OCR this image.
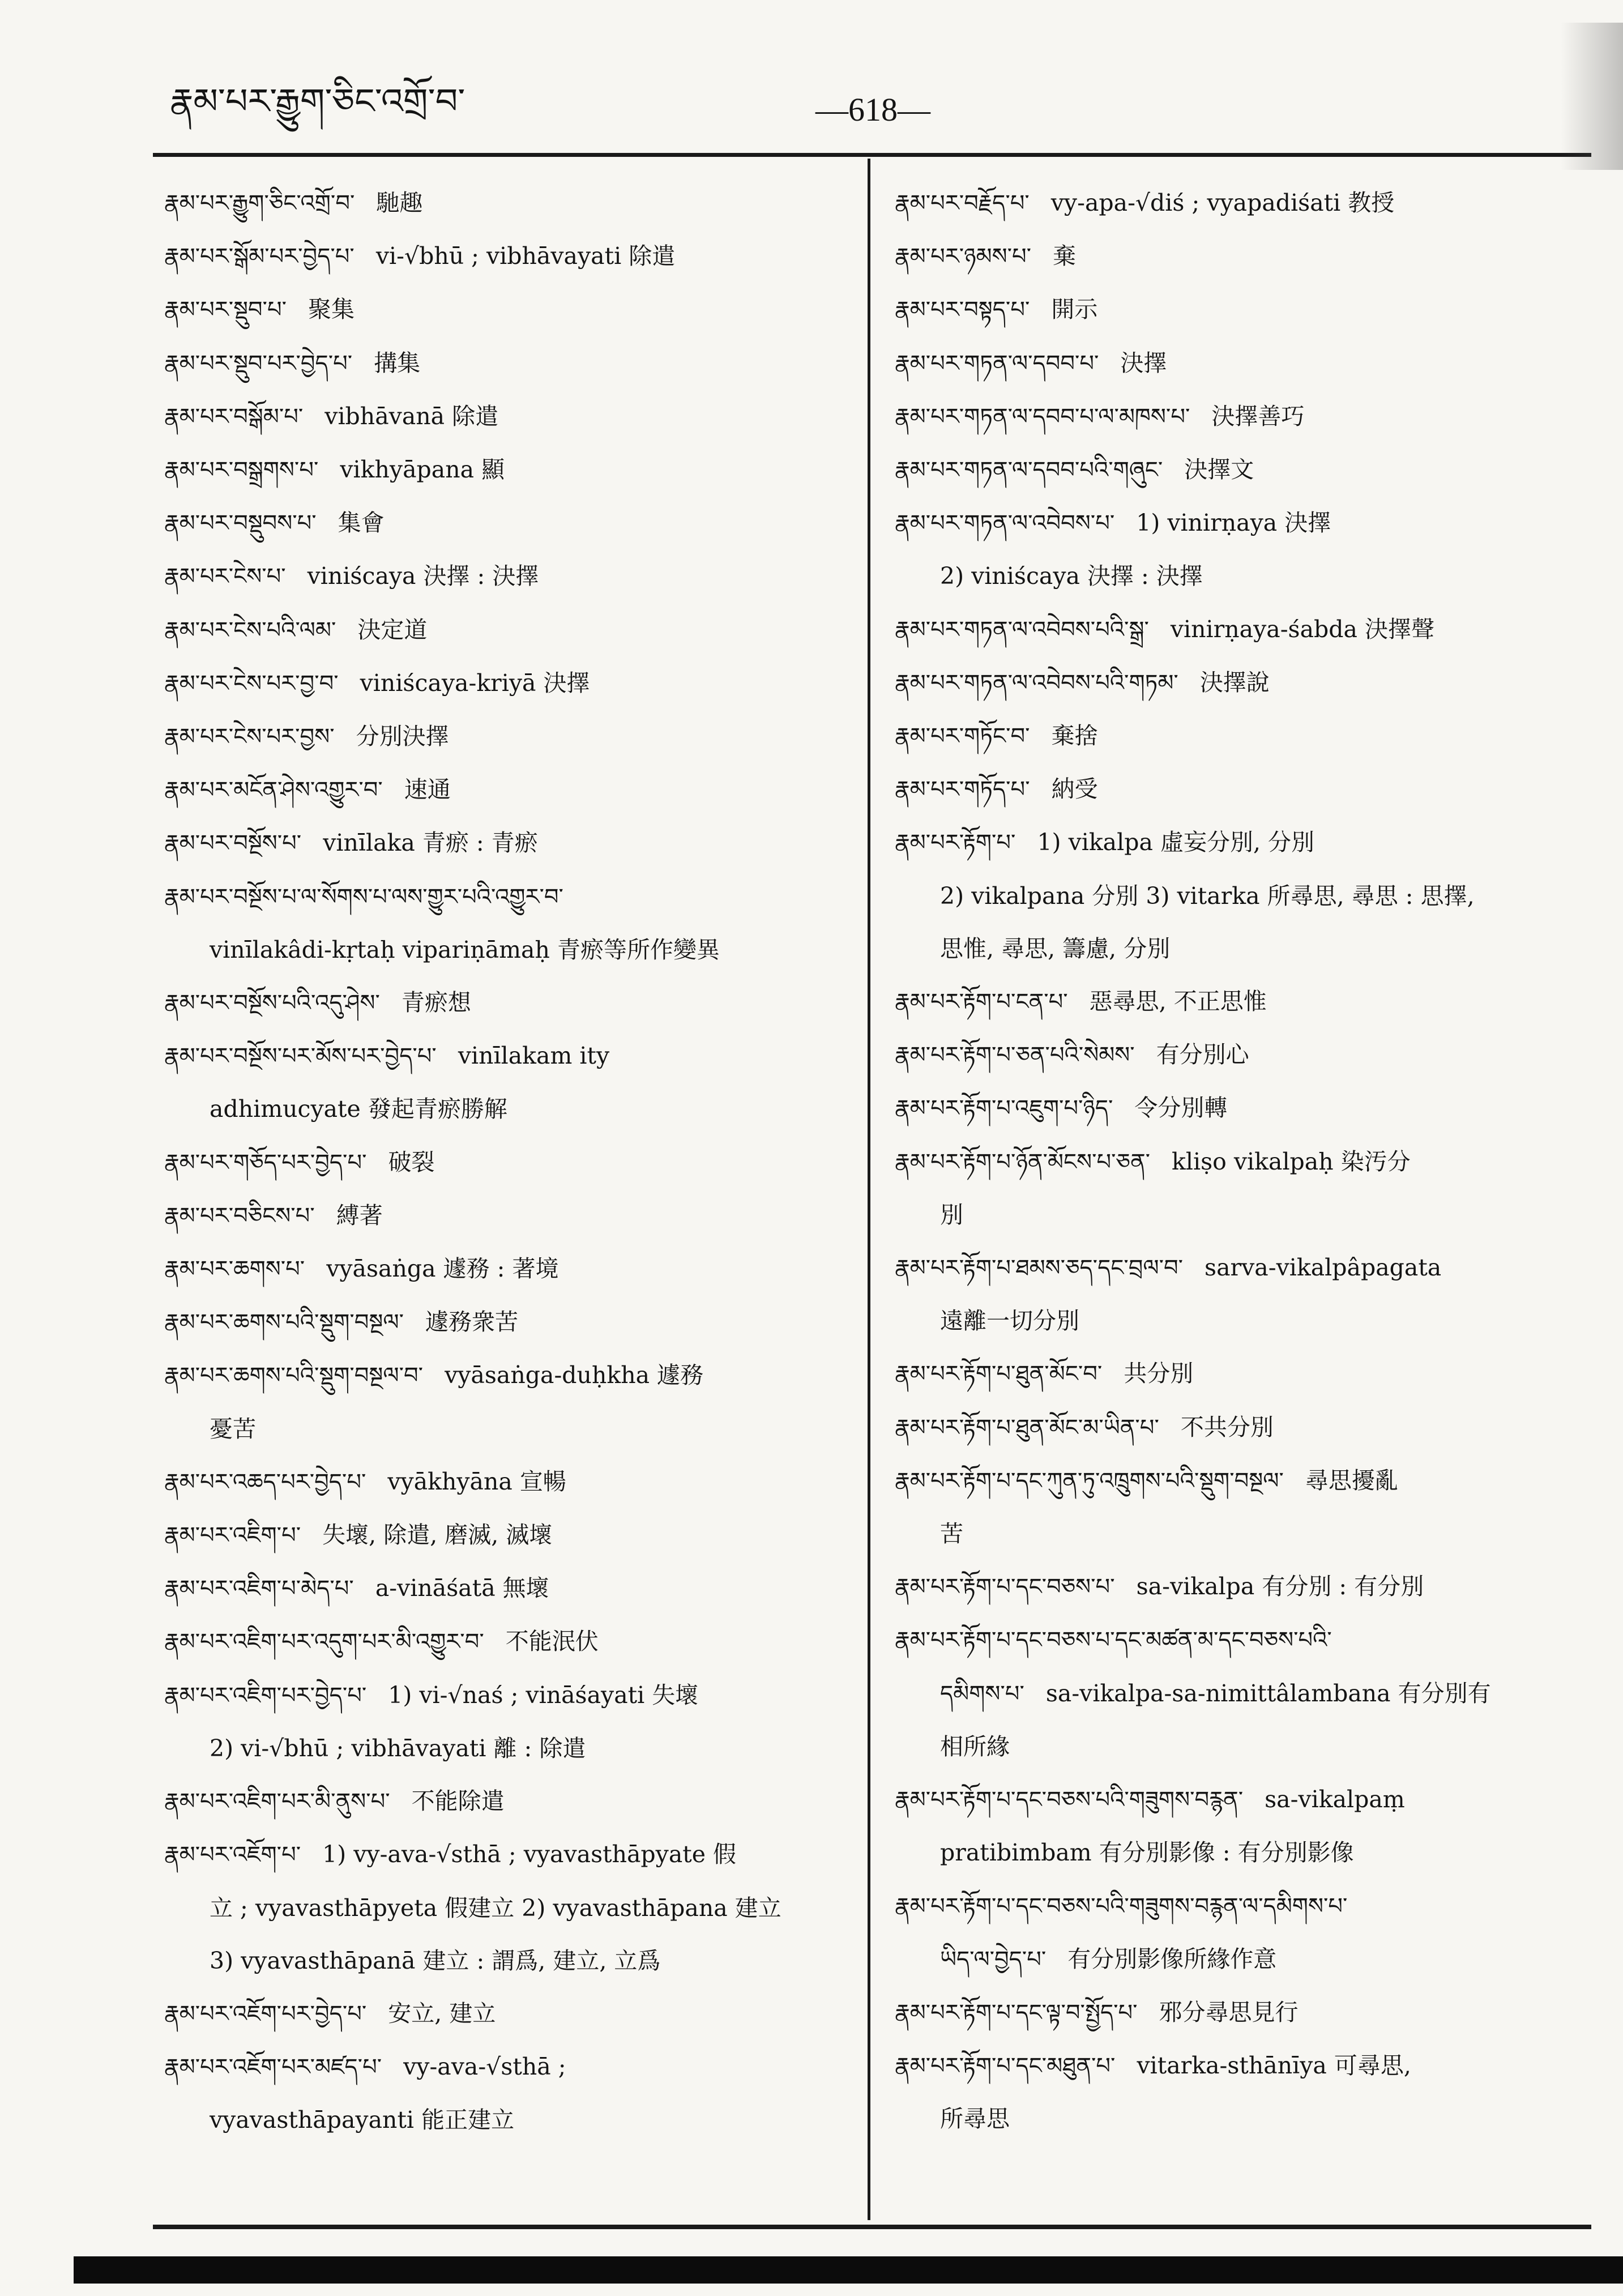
རྣམ་པར་རྒྱུག་ཅིང་འགྲོ་བ་	—618—
རྣམ་པར་རྒྱུག་ཅིང་འགྲོ་བ་ 馳趣
རྣམ་པར་སྒོམ་པར་བྱེད་པ་ vi-√bhū ; vibhāvayati 除遣
རྣམ་པར་སྡུབ་པ་ 聚集
རྣམ་པར་སྡུབ་པར་བྱེད་པ་ 搆集
རྣམ་པར་བསྒོམ་པ་ vibhāvanā 除遣
རྣམ་པར་བསྒྲགས་པ་ vikhyāpana 顯
རྣམ་པར་བསྡུབས་པ་ 集會
རྣམ་པར་ངེས་པ་ viniścaya 決擇 : 決擇
རྣམ་པར་ངེས་པའི་ལམ་ 決定道
རྣམ་པར་ངེས་པར་བྱ་བ་ viniścaya-kriyā 決擇
རྣམ་པར་ངེས་པར་བྱས་ 分別決擇
རྣམ་པར་མངོན་ཤེས་འགྱུར་བ་ 速通
རྣམ་པར་བསྔོས་པ་ vinīlaka 青瘀 : 青瘀
རྣམ་པར་བསྔོས་པ་ལ་སོགས་པ་ལས་གྱུར་པའི་འགྱུར་བ་
vinīlakâdi-kṛtaḥ vipariṇāmaḥ 青瘀等所作變異
རྣམ་པར་བསྔོས་པའི་འདུ་ཤེས་ 青瘀想
རྣམ་པར་བསྔོས་པར་མོས་པར་བྱེད་པ་ vinīlakam ity
adhimucyate 發起青瘀勝解
རྣམ་པར་གཅོད་པར་བྱེད་པ་ 破裂
རྣམ་པར་བཅིངས་པ་ 縛著
རྣམ་པར་ཆགས་པ་ vyāsaṅga 遽務 : 著境
རྣམ་པར་ཆགས་པའི་སྡུག་བསྔལ་ 遽務衆苦
རྣམ་པར་ཆགས་པའི་སྡུག་བསྔལ་བ་ vyāsaṅga-duḥkha 遽務
憂苦
རྣམ་པར་འཆད་པར་བྱེད་པ་ vyākhyāna 宣暢
རྣམ་པར་འཇིག་པ་ 失壞, 除遣, 磨滅, 滅壞
རྣམ་པར་འཇིག་པ་མེད་པ་ a-vināśatā 無壞
རྣམ་པར་འཇིག་པར་འདུག་པར་མི་འགྱུར་བ་ 不能泯伏
རྣམ་པར་འཇིག་པར་བྱེད་པ་ 1) vi-√naś ; vināśayati 失壞
2) vi-√bhū ; vibhāvayati 離 : 除遣
རྣམ་པར་འཇིག་པར་མི་ནུས་པ་ 不能除遣
རྣམ་པར་འཇོག་པ་ 1) vy-ava-√sthā ; vyavasthāpyate 假
立 ; vyavasthāpyeta 假建立 2) vyavasthāpana 建立
3) vyavasthāpanā 建立 : 謂爲, 建立, 立爲
རྣམ་པར་འཇོག་པར་བྱེད་པ་ 安立, 建立
རྣམ་པར་འཇོག་པར་མཛད་པ་ vy-ava-√sthā ;
vyavasthāpayanti 能正建立
རྣམ་པར་བརྗོད་པ་ vy-apa-√diś ; vyapadiśati 教授
རྣམ་པར་ཉམས་པ་ 棄
རྣམ་པར་བསྟད་པ་ 開示
རྣམ་པར་གཏན་ལ་དབབ་པ་ 決擇
རྣམ་པར་གཏན་ལ་དབབ་པ་ལ་མཁས་པ་ 決擇善巧
རྣམ་པར་གཏན་ལ་དབབ་པའི་གཞུང་ 決擇文
རྣམ་པར་གཏན་ལ་འབེབས་པ་ 1) vinirṇaya 決擇
2) viniścaya 決擇 : 決擇
རྣམ་པར་གཏན་ལ་འབེབས་པའི་སྒྲ་ vinirṇaya-śabda 決擇聲
རྣམ་པར་གཏན་ལ་འབེབས་པའི་གཏམ་ 決擇說
རྣམ་པར་གཏོང་བ་ 棄捨
རྣམ་པར་གཏོད་པ་ 納受
རྣམ་པར་རྟོག་པ་ 1) vikalpa 虛妄分別, 分別
2) vikalpana 分別 3) vitarka 所尋思, 尋思 : 思擇,
思惟, 尋思, 籌慮, 分別
རྣམ་པར་རྟོག་པ་ངན་པ་ 惡尋思, 不正思惟
རྣམ་པར་རྟོག་པ་ཅན་པའི་སེམས་ 有分別心
རྣམ་པར་རྟོག་པ་འཇུག་པ་ཉིད་ 令分別轉
རྣམ་པར་རྟོག་པ་ཉོན་མོངས་པ་ཅན་ kliṣo vikalpaḥ 染汚分
別
རྣམ་པར་རྟོག་པ་ཐམས་ཅད་དང་བྲལ་བ་ sarva-vikalpâpagata
遠離一切分別
རྣམ་པར་རྟོག་པ་ཐུན་མོང་བ་ 共分別
རྣམ་པར་རྟོག་པ་ཐུན་མོང་མ་ཡིན་པ་ 不共分別
རྣམ་པར་རྟོག་པ་དང་ཀུན་ཏུ་འཁྲུགས་པའི་སྡུག་བསྔལ་ 尋思擾亂
苦
རྣམ་པར་རྟོག་པ་དང་བཅས་པ་ sa-vikalpa 有分別 : 有分別
རྣམ་པར་རྟོག་པ་དང་བཅས་པ་དང་མཚན་མ་དང་བཅས་པའི་
དམིགས་པ་ sa-vikalpa-sa-nimittâlambana 有分別有
相所緣
རྣམ་པར་རྟོག་པ་དང་བཅས་པའི་གཟུགས་བརྙན་ sa-vikalpaṃ
pratibimbam 有分別影像 : 有分別影像
རྣམ་པར་རྟོག་པ་དང་བཅས་པའི་གཟུགས་བརྙན་ལ་དམིགས་པ་
ཡིད་ལ་བྱེད་པ་ 有分別影像所緣作意
རྣམ་པར་རྟོག་པ་དང་ལྟ་བ་སྤྱོད་པ་ 邪分尋思見行
རྣམ་པར་རྟོག་པ་དང་མཐུན་པ་ vitarka-sthānīya 可尋思,
所尋思
